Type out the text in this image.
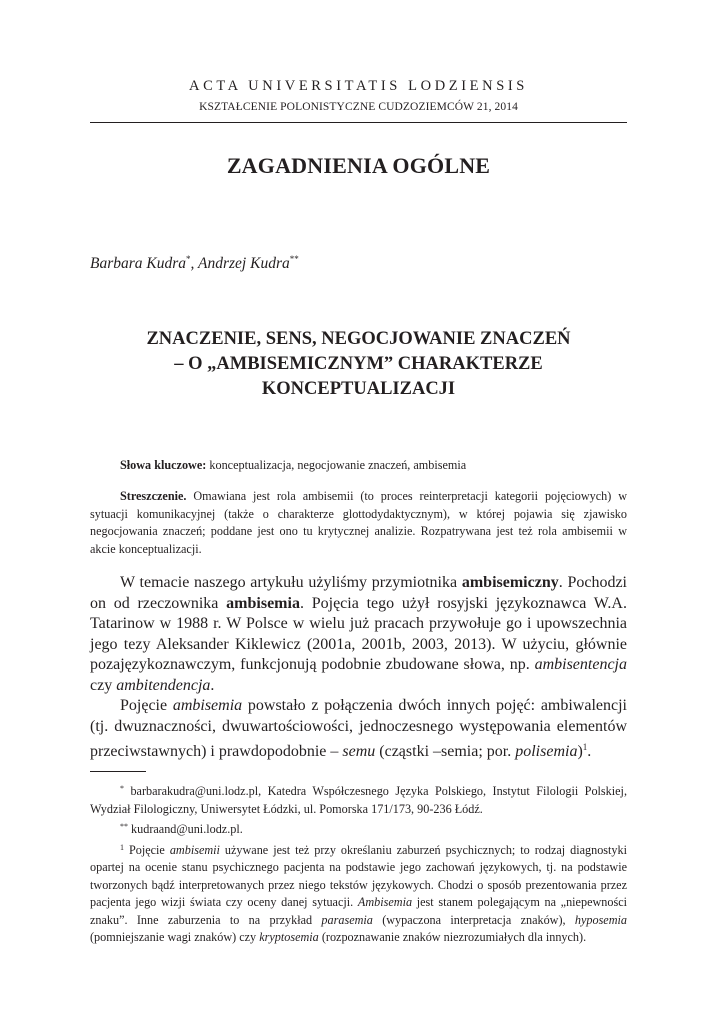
ACTA UNIVERSITATIS LODZIENSIS
KSZTAŁCENIE POLONISTYCZNE CUDZOZIEMCÓW 21, 2014
ZAGADNIENIA OGÓLNE
Barbara Kudra*, Andrzej Kudra**
ZNACZENIE, SENS, NEGOCJOWANIE ZNACZEŃ
– O „AMBISEMICZNYM” CHARAKTERZE
KONCEPTUALIZACJI
Słowa kluczowe: konceptualizacja, negocjowanie znaczeń, ambisemia

Streszczenie. Omawiana jest rola ambisemii (to proces reinterpretacji kategorii pojęciowych) w sytuacji komunikacyjnej (także o charakterze glottodydaktycznym), w której pojawia się zjawisko negocjowania znaczeń; poddane jest ono tu krytycznej analizie. Rozpatrywana jest też rola ambisemii w akcie konceptualizacji.

W temacie naszego artykułu użyliśmy przymiotnika ambisemiczny. Pochodzi on od rzeczownika ambisemia. Pojęcia tego użył rosyjski językoznawca W.A. Tatarinow w 1988 r. W Polsce w wielu już pracach przywołuje go i upowszechnia jego tezy Aleksander Kiklewicz (2001a, 2001b, 2003, 2013). W użyciu, głównie pozajęzykoznawczym, funkcjonują podobnie zbudowane słowa, np. ambisentencja czy ambitendencja.

Pojęcie ambisemia powstało z połączenia dwóch innych pojęć: ambiwalencji (tj. dwuznaczności, dwuwartościowości, jednoczesnego występowania elementów przeciwstawnych) i prawdopodobnie – semu (cząstki –semia; por. polisemia)$^1$.

* barbarakudra@uni.lodz.pl, Katedra Współczesnego Języka Polskiego, Instytut Filologii Polskiej, Wydział Filologiczny, Uniwersytet Łódzki, ul. Pomorska 171/173, 90-236 Łódź.

** kudraand@uni.lodz.pl.

$^1$ Pojęcie ambisemii używane jest też przy określaniu zaburzeń psychicznych; to rodzaj diagnostyki opartej na ocenie stanu psychicznego pacjenta na podstawie jego zachowań językowych, tj. na podstawie tworzonych bądź interpretowanych przez niego tekstów językowych. Chodzi o sposób prezentowania przez pacjenta jego wizji świata czy oceny danej sytuacji. Ambisemia jest stanem polegającym na „niepewności znaku”. Inne zaburzenia to na przykład parasemia (wypaczona interpretacja znaków), hyposemia (pomniejszanie wagi znaków) czy kryptosemia (rozpoznawanie znaków niezrozumiałych dla innych).
